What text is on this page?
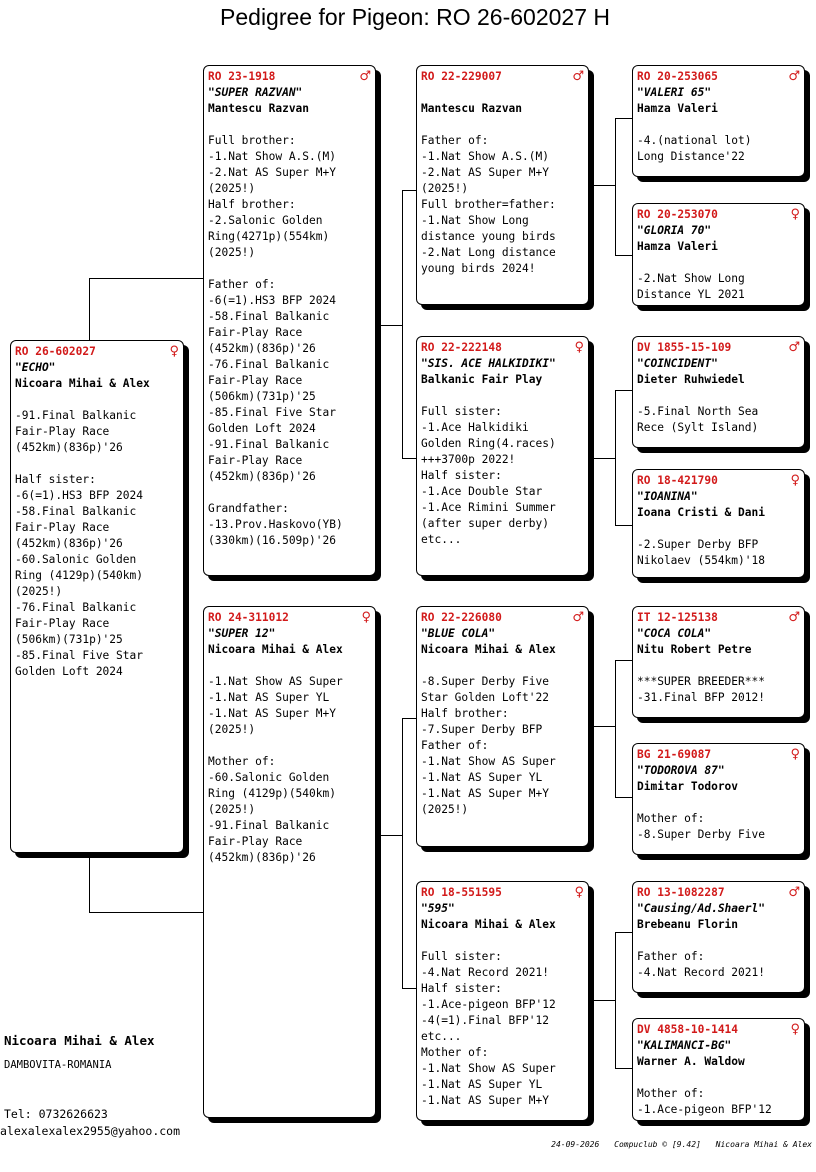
Pedigree for Pigeon: RO 26-602027 H
RO 26-602027	♀
"ECHO"
Nicoara Mihai & Alex

-91.Final Balkanic
Fair-Play Race
(452km)(836p)'26

Half sister:
-6(=1).HS3 BFP 2024
-58.Final Balkanic
Fair-Play Race
(452km)(836p)'26
-60.Salonic Golden
Ring (4129p)(540km)
(2025!)
-76.Final Balkanic
Fair-Play Race
(506km)(731p)'25
-85.Final Five Star
Golden Loft 2024
RO 23-1918	♂
"SUPER RAZVAN"
Mantescu Razvan

Full brother:
-1.Nat Show A.S.(M)
-2.Nat AS Super M+Y
(2025!)
Half brother:
-2.Salonic Golden
Ring(4271p)(554km)
(2025!)

Father of:
-6(=1).HS3 BFP 2024
-58.Final Balkanic
Fair-Play Race
(452km)(836p)'26
-76.Final Balkanic
Fair-Play Race
(506km)(731p)'25
-85.Final Five Star
Golden Loft 2024
-91.Final Balkanic
Fair-Play Race
(452km)(836p)'26

Grandfather:
-13.Prov.Haskovo(YB)
(330km)(16.509p)'26
RO 24-311012	♀
"SUPER 12"
Nicoara Mihai & Alex

-1.Nat Show AS Super
-1.Nat AS Super YL
-1.Nat AS Super M+Y
(2025!)

Mother of:
-60.Salonic Golden
Ring (4129p)(540km)
(2025!)
-91.Final Balkanic
Fair-Play Race
(452km)(836p)'26
RO 22-229007	♂
Mantescu Razvan

Father of:
-1.Nat Show A.S.(M)
-2.Nat AS Super M+Y
(2025!)
Full brother=father:
-1.Nat Show Long
distance young birds
-2.Nat Long distance
young birds 2024!
RO 22-222148	♀
"SIS. ACE HALKIDIKI"
Balkanic Fair Play

Full sister:
-1.Ace Halkidiki
Golden Ring(4.races)
+++3700p 2022!
Half sister:
-1.Ace Double Star
-1.Ace Rimini Summer
(after super derby)
etc...
RO 22-226080	♂
"BLUE COLA"
Nicoara Mihai & Alex

-8.Super Derby Five
Star Golden Loft'22
Half brother:
-7.Super Derby BFP
Father of:
-1.Nat Show AS Super
-1.Nat AS Super YL
-1.Nat AS Super M+Y
(2025!)
RO 18-551595	♀
"595"
Nicoara Mihai & Alex

Full sister:
-4.Nat Record 2021!
Half sister:
-1.Ace-pigeon BFP'12
-4(=1).Final BFP'12
etc...
Mother of:
-1.Nat Show AS Super
-1.Nat AS Super YL
-1.Nat AS Super M+Y
RO 20-253065	♂
"VALERI 65"
Hamza Valeri

-4.(national lot)
Long Distance'22
RO 20-253070	♀
"GLORIA 70"
Hamza Valeri

-2.Nat Show Long
Distance YL 2021
DV 1855-15-109	♂
"COINCIDENT"
Dieter Ruhwiedel

-5.Final North Sea
Rece (Sylt Island)
RO 18-421790	♀
"IOANINA"
Ioana Cristi & Dani

-2.Super Derby BFP
Nikolaev (554km)'18
IT 12-125138	♂
"COCA COLA"
Nitu Robert Petre

***SUPER BREEDER***
-31.Final BFP 2012!
BG 21-69087	♀
"TODOROVA 87"
Dimitar Todorov

Mother of:
-8.Super Derby Five
RO 13-1082287	♂
"Causing/Ad.Shaerl"
Brebeanu Florin

Father of:
-4.Nat Record 2021!
DV 4858-10-1414	♀
"KALIMANCI-BG"
Warner A. Waldow

Mother of:
-1.Ace-pigeon BFP'12
Nicoara Mihai & Alex
DAMBOVITA-ROMANIA
Tel: 0732626623
alexalexalex2955@yahoo.com
24-09-2026 Compuclub © [9.42] Nicoara Mihai & Alex
